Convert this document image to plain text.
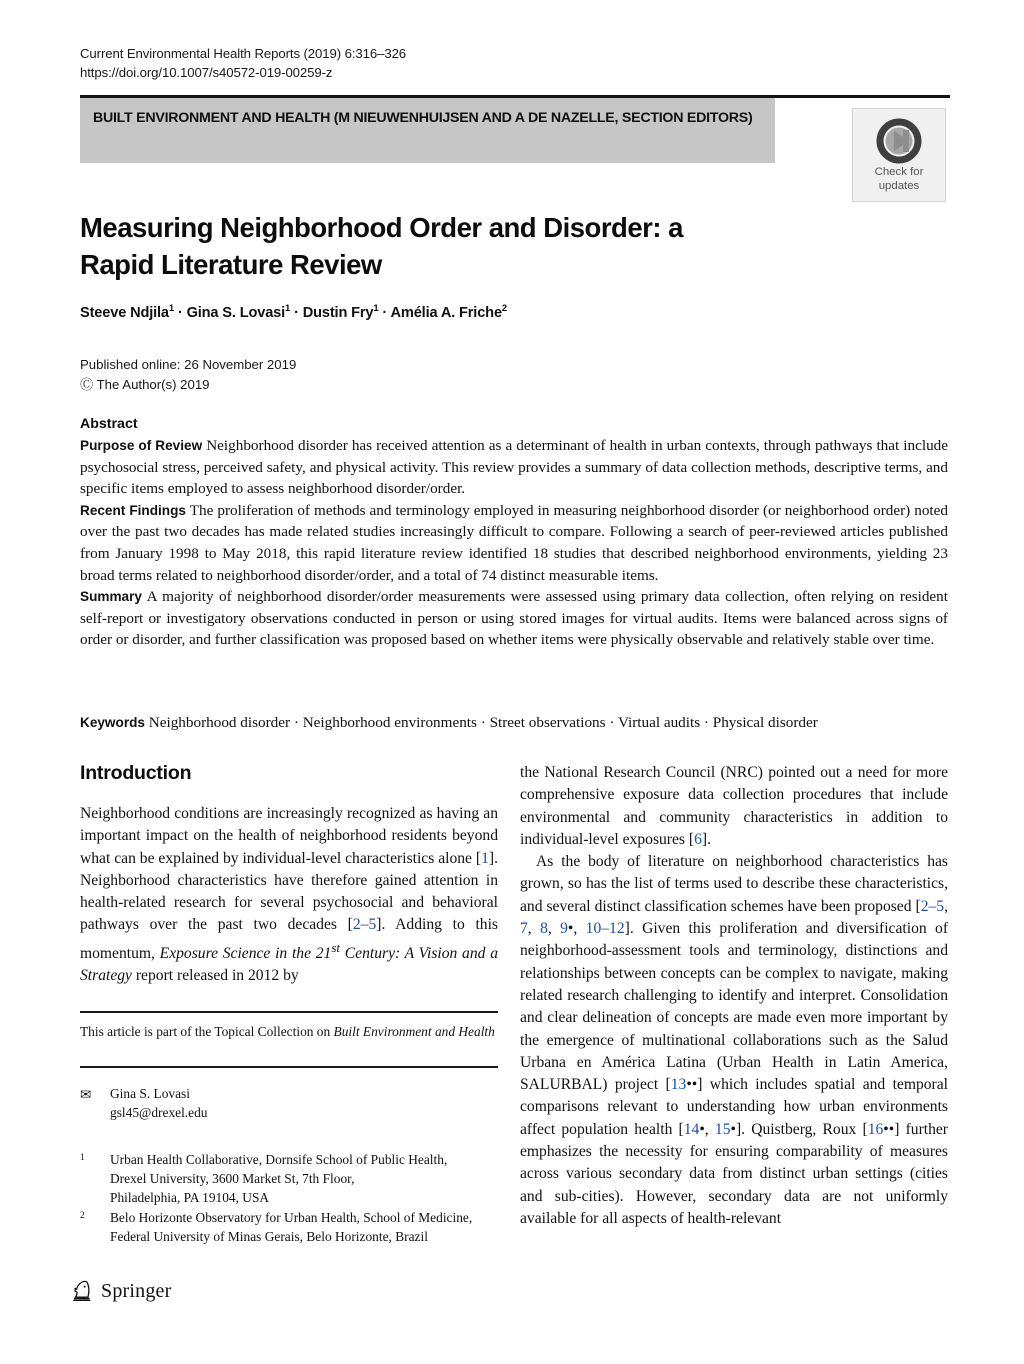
Current Environmental Health Reports (2019) 6:316–326
https://doi.org/10.1007/s40572-019-00259-z
BUILT ENVIRONMENT AND HEALTH (M NIEUWENHUIJSEN AND A DE NAZELLE, SECTION EDITORS)
Check for
updates
Measuring Neighborhood Order and Disorder: a Rapid Literature Review
Steeve Ndjila$^1$ · Gina S. Lovasi$^1$ · Dustin Fry$^1$ · Amélia A. Friche$^2$
Published online: 26 November 2019
Ⓒ The Author(s) 2019
Abstract

Purpose of Review Neighborhood disorder has received attention as a determinant of health in urban contexts, through pathways that include psychosocial stress, perceived safety, and physical activity. This review provides a summary of data collection methods, descriptive terms, and specific items employed to assess neighborhood disorder/order.

Recent Findings The proliferation of methods and terminology employed in measuring neighborhood disorder (or neighborhood order) noted over the past two decades has made related studies increasingly difficult to compare. Following a search of peer-reviewed articles published from January 1998 to May 2018, this rapid literature review identified 18 studies that described neighborhood environments, yielding 23 broad terms related to neighborhood disorder/order, and a total of 74 distinct measurable items.

Summary A majority of neighborhood disorder/order measurements were assessed using primary data collection, often relying on resident self-report or investigatory observations conducted in person or using stored images for virtual audits. Items were balanced across signs of order or disorder, and further classification was proposed based on whether items were physically observable and relatively stable over time.

Keywords Neighborhood disorder · Neighborhood environments · Street observations · Virtual audits · Physical disorder
Introduction

Neighborhood conditions are increasingly recognized as having an important impact on the health of neighborhood residents beyond what can be explained by individual-level characteristics alone [1]. Neighborhood characteristics have therefore gained attention in health-related research for several psychosocial and behavioral pathways over the past two decades [2–5]. Adding to this momentum, Exposure Science in the 21st Century: A Vision and a Strategy report released in 2012 by

the National Research Council (NRC) pointed out a need for more comprehensive exposure data collection procedures that include environmental and community characteristics in addition to individual-level exposures [6].

As the body of literature on neighborhood characteristics has grown, so has the list of terms used to describe these characteristics, and several distinct classification schemes have been proposed [2–5, 7, 8, 9•, 10–12]. Given this proliferation and diversification of neighborhood-assessment tools and terminology, distinctions and relationships between concepts can be complex to navigate, making related research challenging to identify and interpret. Consolidation and clear delineation of concepts are made even more important by the emergence of multinational collaborations such as the Salud Urbana en América Latina (Urban Health in Latin America, SALURBAL) project [13••] which includes spatial and temporal comparisons relevant to understanding how urban environments affect population health [14•, 15•]. Quistberg, Roux [16••] further emphasizes the necessity for ensuring comparability of measures across various secondary data from distinct urban settings (cities and sub-cities). However, secondary data are not uniformly available for all aspects of health-relevant

This article is part of the Topical Collection on Built Environment and Health
✉ Gina S. Lovasi
gsl45@drexel.edu
1 Urban Health Collaborative, Dornsife School of Public Health,
Drexel University, 3600 Market St, 7th Floor,
Philadelphia, PA 19104, USA
2 Belo Horizonte Observatory for Urban Health, School of Medicine,
Federal University of Minas Gerais, Belo Horizonte, Brazil
Springer
